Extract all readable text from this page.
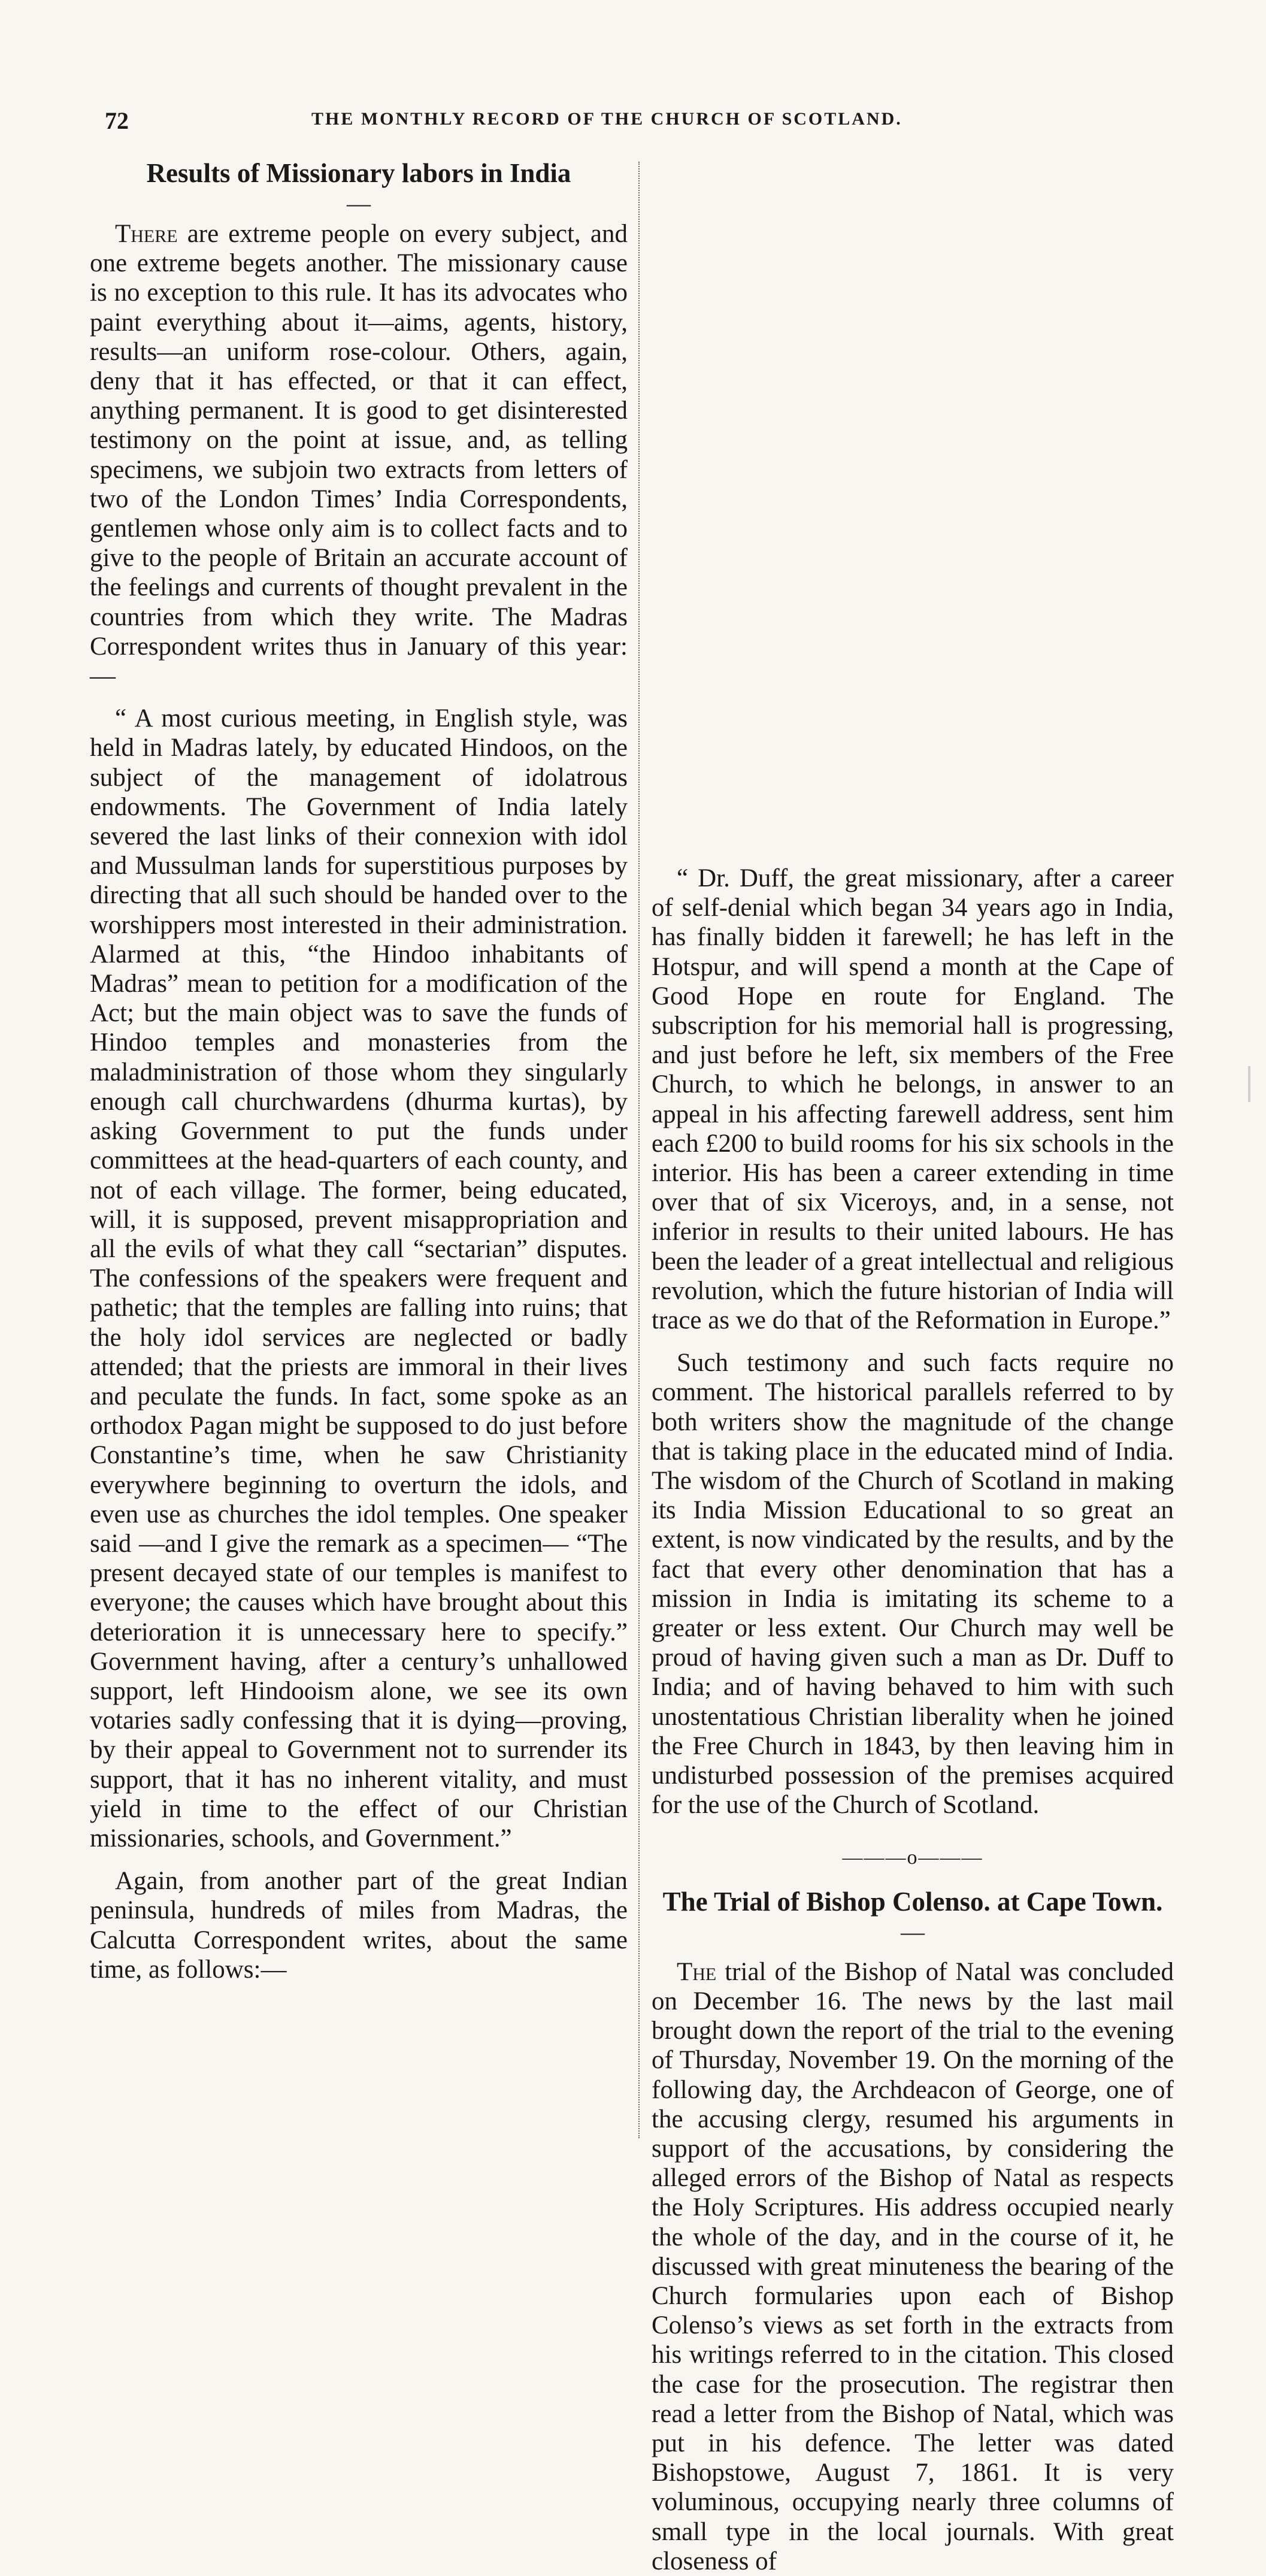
72	THE MONTHLY RECORD OF THE CHURCH OF SCOTLAND.
Results of Missionary labors in India
—

There are extreme people on every subject, and one extreme begets another. The missionary cause is no exception to this rule. It has its advocates who paint everything about it—aims, agents, history, results—an uniform rose-colour. Others, again, deny that it has effected, or that it can effect, anything permanent. It is good to get disinterested testimony on the point at issue, and, as telling specimens, we subjoin two extracts from letters of two of the London Times’ India Correspondents, gentlemen whose only aim is to collect facts and to give to the people of Britain an accurate account of the feelings and currents of thought prevalent in the countries from which they write. The Madras Correspondent writes thus in January of this year:—

“ A most curious meeting, in English style, was held in Madras lately, by educated Hindoos, on the subject of the management of idolatrous endowments. The Government of India lately severed the last links of their connexion with idol and Mussulman lands for superstitious purposes by directing that all such should be handed over to the worshippers most interested in their administration. Alarmed at this, “the Hindoo inhabitants of Madras” mean to petition for a modification of the Act; but the main object was to save the funds of Hindoo temples and monasteries from the maladministration of those whom they singularly enough call churchwardens (dhurma kurtas), by asking Government to put the funds under committees at the head-quarters of each county, and not of each village. The former, being educated, will, it is supposed, prevent misappropriation and all the evils of what they call “sectarian” disputes. The confessions of the speakers were frequent and pathetic; that the temples are falling into ruins; that the holy idol services are neglected or badly attended; that the priests are immoral in their lives and peculate the funds. In fact, some spoke as an orthodox Pagan might be supposed to do just before Constantine’s time, when he saw Christianity everywhere beginning to overturn the idols, and even use as churches the idol temples. One speaker said —and I give the remark as a specimen— “The present decayed state of our temples is manifest to everyone; the causes which have brought about this deterioration it is unnecessary here to specify.” Government having, after a century’s unhallowed support, left Hindooism alone, we see its own votaries sadly confessing that it is dying—proving, by their appeal to Government not to surrender its support, that it has no inherent vitality, and must yield in time to the effect of our Christian missionaries, schools, and Government.”

Again, from another part of the great Indian peninsula, hundreds of miles from Madras, the Calcutta Correspondent writes, about the same time, as follows:—

“ Dr. Duff, the great missionary, after a career of self-denial which began 34 years ago in India, has finally bidden it farewell; he has left in the Hotspur, and will spend a month at the Cape of Good Hope en route for England. The subscription for his memorial hall is progressing, and just before he left, six members of the Free Church, to which he belongs, in answer to an appeal in his affecting farewell address, sent him each £200 to build rooms for his six schools in the interior. His has been a career extending in time over that of six Viceroys, and, in a sense, not inferior in results to their united labours. He has been the leader of a great intellectual and religious revolution, which the future historian of India will trace as we do that of the Reformation in Europe.”

Such testimony and such facts require no comment. The historical parallels referred to by both writers show the magnitude of the change that is taking place in the educated mind of India. The wisdom of the Church of Scotland in making its India Mission Educational to so great an extent, is now vindicated by the results, and by the fact that every other denomination that has a mission in India is imitating its scheme to a greater or less extent. Our Church may well be proud of having given such a man as Dr. Duff to India; and of having behaved to him with such unostentatious Christian liberality when he joined the Free Church in 1843, by then leaving him in undisturbed possession of the premises acquired for the use of the Church of Scotland.

———o———
The Trial of Bishop Colenso. at Cape Town.
—

The trial of the Bishop of Natal was concluded on December 16. The news by the last mail brought down the report of the trial to the evening of Thursday, November 19. On the morning of the following day, the Archdeacon of George, one of the accusing clergy, resumed his arguments in support of the accusations, by considering the alleged errors of the Bishop of Natal as respects the Holy Scriptures. His address occupied nearly the whole of the day, and in the course of it, he discussed with great minuteness the bearing of the Church formularies upon each of Bishop Colenso’s views as set forth in the extracts from his writings referred to in the citation. This closed the case for the prosecution. The registrar then read a letter from the Bishop of Natal, which was put in his defence. The letter was dated Bishopstowe, August 7, 1861. It is very voluminous, occupying nearly three columns of small type in the local journals. With great closeness of
